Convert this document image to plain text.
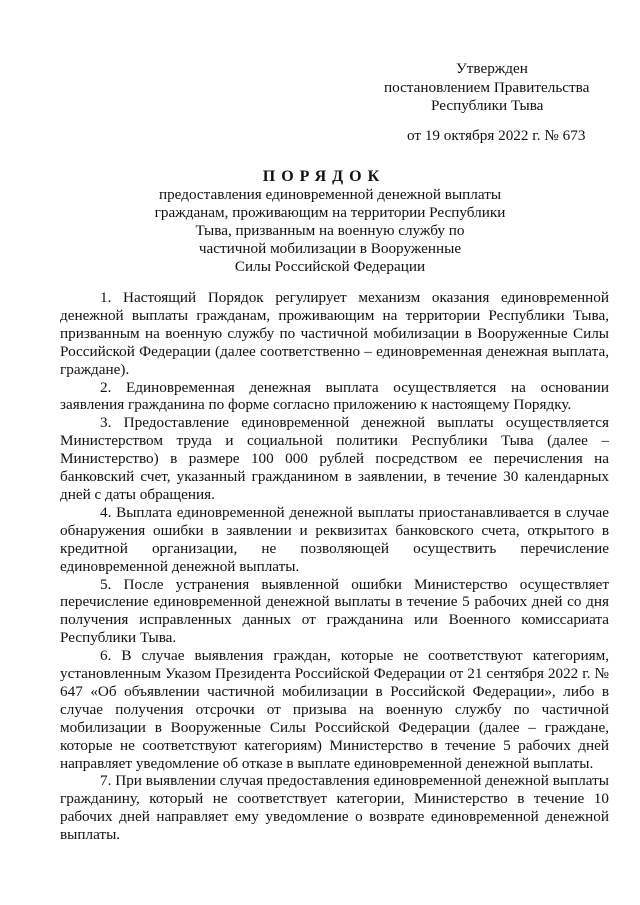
Утвержден
постановлением Правительства
Республики Тыва
от 19 октября 2022 г. № 673
ПОРЯДОК
предоставления единовременной денежной выплаты
гражданам, проживающим на территории Республики
Тыва, призванным на военную службу по
частичной мобилизации в Вооруженные
Силы Российской Федерации

1. Настоящий Порядок регулирует механизм оказания единовременной денежной выплаты гражданам, проживающим на территории Республики Тыва, призванным на военную службу по частичной мобилизации в Вооруженные Силы Российской Федерации (далее соответственно – единовременная денежная выплата, граждане).

2. Единовременная денежная выплата осуществляется на основании заявления гражданина по форме согласно приложению к настоящему Порядку.

3. Предоставление единовременной денежной выплаты осуществляется Министерством труда и социальной политики Республики Тыва (далее – Министерство) в размере 100 000 рублей посредством ее перечисления на банковский счет, указанный гражданином в заявлении, в течение 30 календарных дней с даты обращения.

4. Выплата единовременной денежной выплаты приостанавливается в случае обнаружения ошибки в заявлении и реквизитах банковского счета, открытого в кредитной организации, не позволяющей осуществить перечисление единовременной денежной выплаты.

5. После устранения выявленной ошибки Министерство осуществляет перечисление единовременной денежной выплаты в течение 5 рабочих дней со дня получения исправленных данных от гражданина или Военного комиссариата Республики Тыва.

6. В случае выявления граждан, которые не соответствуют категориям, установленным Указом Президента Российской Федерации от 21 сентября 2022 г. № 647 «Об объявлении частичной мобилизации в Российской Федерации», либо в случае получения отсрочки от призыва на военную службу по частичной мобилизации в Вооруженные Силы Российской Федерации (далее – граждане, которые не соответствуют категориям) Министерство в течение 5 рабочих дней направляет уведомление об отказе в выплате единовременной денежной выплаты.

7. При выявлении случая предоставления единовременной денежной выплаты гражданину, который не соответствует категории, Министерство в течение 10 рабочих дней направляет ему уведомление о возврате единовременной денежной выплаты.
